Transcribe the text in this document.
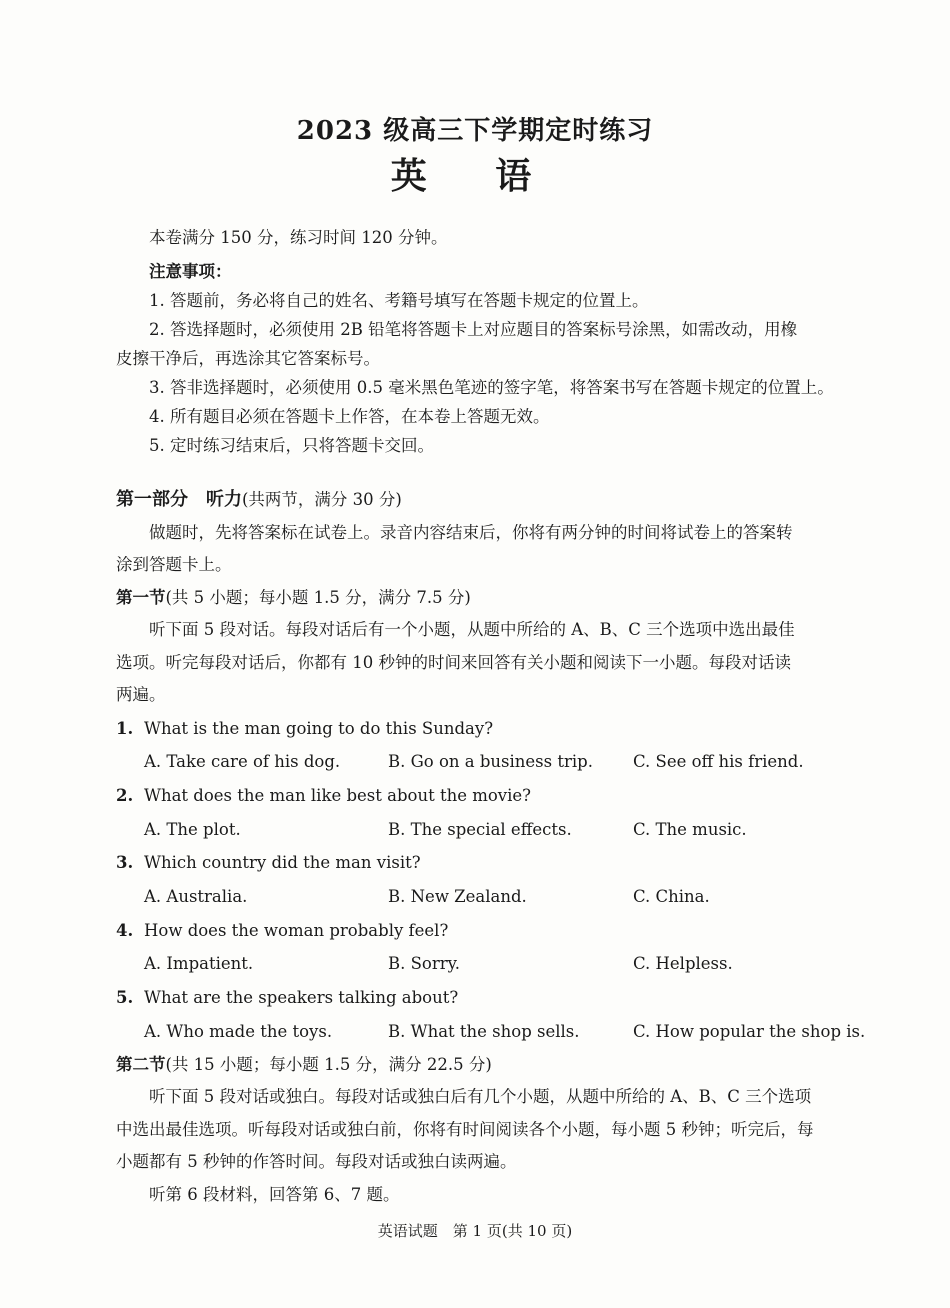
2023 级高三下学期定时练习
英 语

本卷满分 150 分，练习时间 120 分钟。

注意事项：

1. 答题前，务必将自己的姓名、考籍号填写在答题卡规定的位置上。

2. 答选择题时，必须使用 2B 铅笔将答题卡上对应题目的答案标号涂黑，如需改动，用橡

皮擦干净后，再选涂其它答案标号。

3. 答非选择题时，必须使用 0.5 毫米黑色笔迹的签字笔，将答案书写在答题卡规定的位置上。

4. 所有题目必须在答题卡上作答，在本卷上答题无效。

5. 定时练习结束后，只将答题卡交回。

第一部分　听力(共两节，满分 30 分)

做题时，先将答案标在试卷上。录音内容结束后，你将有两分钟的时间将试卷上的答案转

涂到答题卡上。

第一节(共 5 小题；每小题 1.5 分，满分 7.5 分)

听下面 5 段对话。每段对话后有一个小题，从题中所给的 A、B、C 三个选项中选出最佳

选项。听完每段对话后，你都有 10 秒钟的时间来回答有关小题和阅读下一小题。每段对话读

两遍。

1. What is the man going to do this Sunday?

A. Take care of his dog.	B. Go on a business trip.	C. See off his friend.

2. What does the man like best about the movie?

A. The plot.	B. The special effects.	C. The music.

3. Which country did the man visit?

A. Australia.	B. New Zealand.	C. China.

4. How does the woman probably feel?

A. Impatient.	B. Sorry.	C. Helpless.

5. What are the speakers talking about?

A. Who made the toys.	B. What the shop sells.	C. How popular the shop is.

第二节(共 15 小题；每小题 1.5 分，满分 22.5 分)

听下面 5 段对话或独白。每段对话或独白后有几个小题，从题中所给的 A、B、C 三个选项

中选出最佳选项。听每段对话或独白前，你将有时间阅读各个小题，每小题 5 秒钟；听完后，每

小题都有 5 秒钟的作答时间。每段对话或独白读两遍。

听第 6 段材料，回答第 6、7 题。

英语试题　第 1 页(共 10 页)
